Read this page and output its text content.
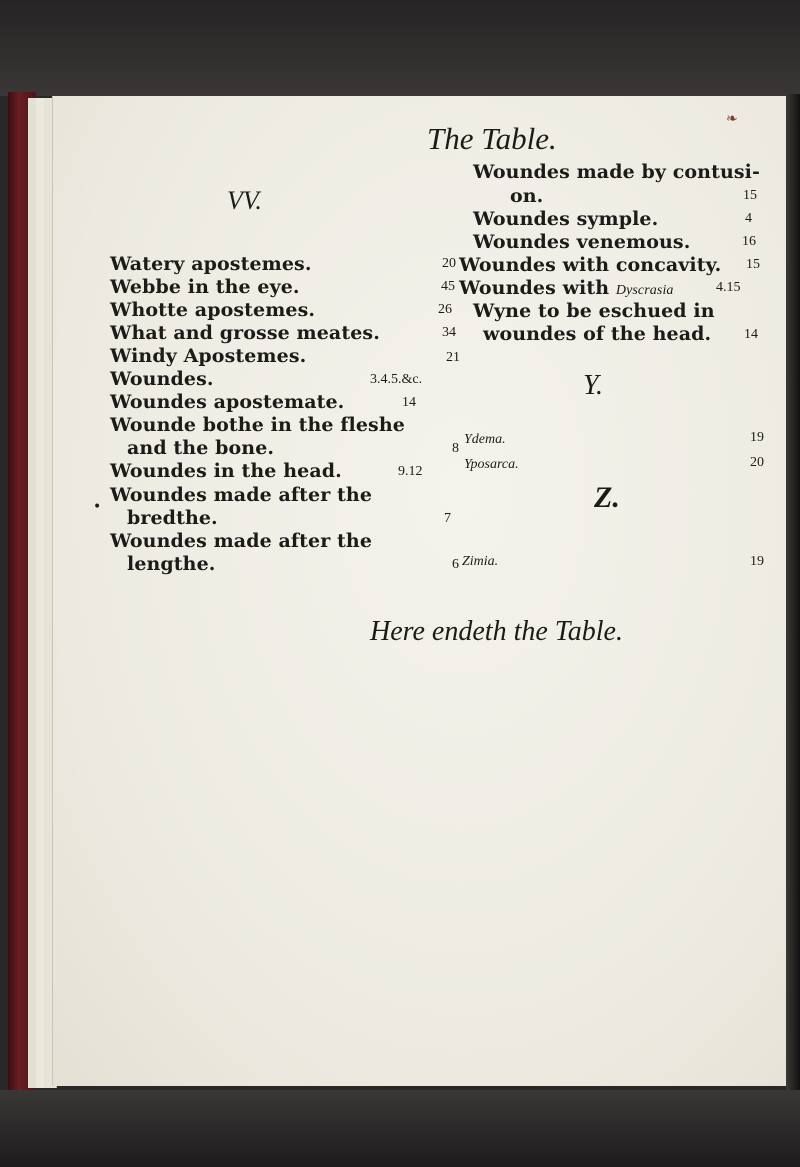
The Table.
❧
VV.
Y.
Z.
•
Watery apostemes.	20
Webbe in the eye.	45
Whotte apostemes.	26
What and grosse meates.	34
Windy Apostemes.	21
Woundes.	3.4.5.&c.
Woundes apostemate.	14
Wounde bothe in the fleshe
and the bone.	8
Woundes in the head.	9.12
Woundes made after the
bredthe.	7
Woundes made after the
lengthe.	6
Woundes made by contusi-
on.	15
Woundes symple.	4
Woundes venemous.	16
Woundes with concavity. 15
Woundes with Dyscrasia	4.15
Wyne to be eschued in
woundes of the head. 14
Ydema.	19
Yposarca.	20
Zimia.	19
Here endeth the Table.
